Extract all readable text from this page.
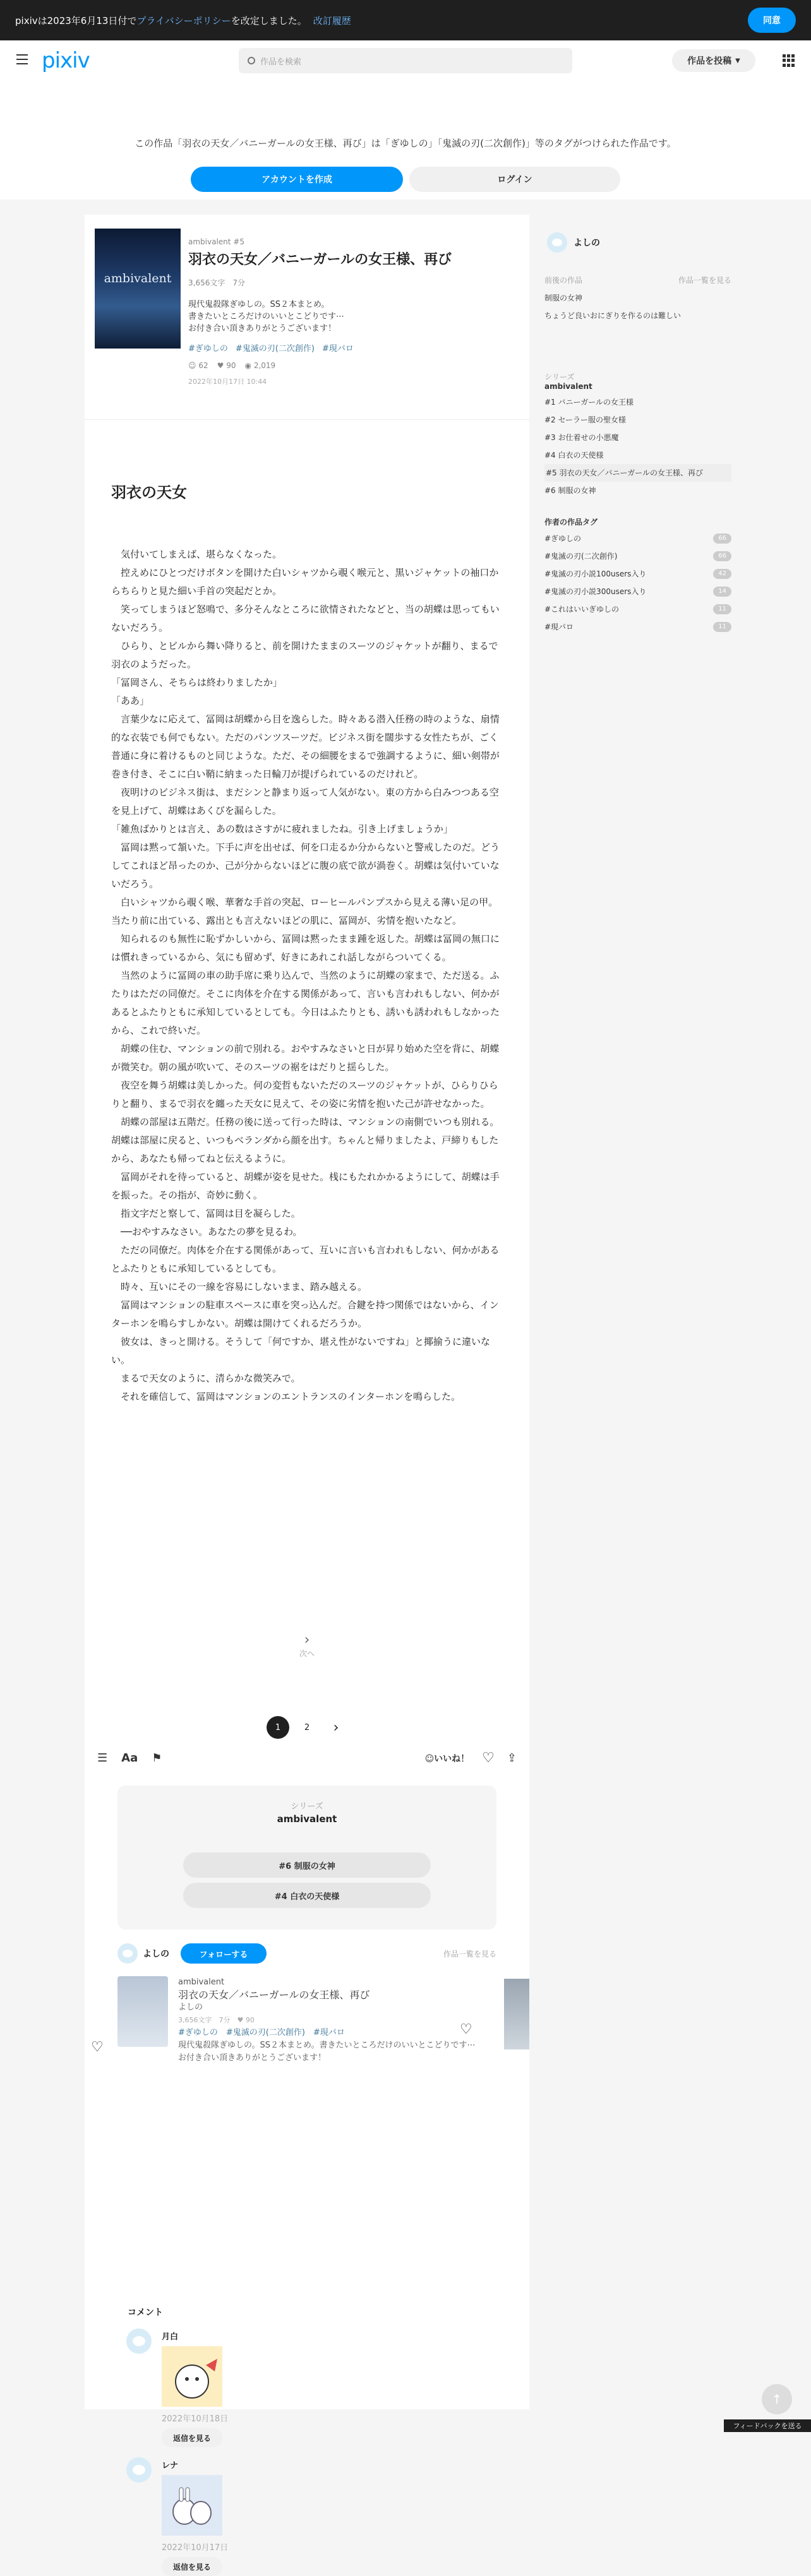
pixivは2023年6月13日付で プライバシーポリシー を改定しました。 改訂履歴	同意
pixiv	作品を検索	作品を投稿 ▼
この作品「羽衣の天女／バニーガールの女王様、再び」は「ぎゆしの」「鬼滅の刃(二次創作)」等のタグがつけられた作品です。
アカウントを作成	ログイン
ambivalent
ambivalent #5
羽衣の天女／バニーガールの女王様、再び
3,656文字　7分
現代鬼殺隊ぎゆしの。SS２本まとめ。
書きたいところだけのいいとこどりです⋯
お付き合い頂きありがとうございます！
#ぎゆしの #鬼滅の刃(二次創作) #現パロ
☺ 62 ♥ 90 ◉ 2,019
2022年10月17日 10:44
羽衣の天女

　気付いてしまえば、堪らなくなった。

　控えめにひとつだけボタンを開けた白いシャツから覗く喉元と、黒いジャケットの袖口からちらりと見た細い手首の突起だとか。

　笑ってしまうほど怒鳴で、多分そんなところに欲情されたなどと、当の胡蝶は思ってもいないだろう。

　ひらり、とビルから舞い降りると、前を開けたままのスーツのジャケットが翻り、まるで羽衣のようだった。

「冨岡さん、そちらは終わりましたか」

「ああ」

　言葉少なに応えて、冨岡は胡蝶から目を逸らした。時々ある潜入任務の時のような、扇情的な衣装でも何でもない。ただのパンツスーツだ。ビジネス街を闊歩する女性たちが、ごく普通に身に着けるものと同じような。ただ、その細腰をまるで強調するように、細い剣帯が巻き付き、そこに白い鞘に納まった日輪刀が提げられているのだけれど。

　夜明けのビジネス街は、まだシンと静まり返って人気がない。東の方から白みつつある空を見上げて、胡蝶はあくびを漏らした。

「雑魚ばかりとは言え、あの数はさすがに疲れましたね。引き上げましょうか」

　冨岡は黙って頷いた。下手に声を出せば、何を口走るか分からないと警戒したのだ。どうしてこれほど昂ったのか、己が分からないほどに腹の底で欲が渦巻く。胡蝶は気付いていないだろう。

　白いシャツから覗く喉、華奢な手首の突起、ローヒールパンプスから見える薄い足の甲。当たり前に出ている、露出とも言えないほどの肌に、冨岡が、劣情を抱いたなど。

　知られるのも無性に恥ずかしいから、冨岡は黙ったまま踵を返した。胡蝶は冨岡の無口には慣れきっているから、気にも留めず、好きにあれこれ話しながらついてくる。

　当然のように冨岡の車の助手席に乗り込んで、当然のように胡蝶の家まで、ただ送る。ふたりはただの同僚だ。そこに肉体を介在する関係があって、言いも言われもしない、何かがあるとふたりともに承知しているとしても。今日はふたりとも、誘いも誘われもしなかったから、これで終いだ。

　胡蝶の住む、マンションの前で別れる。おやすみなさいと日が昇り始めた空を背に、胡蝶が微笑む。朝の風が吹いて、そのスーツの裾をはだりと揺らした。

　夜空を舞う胡蝶は美しかった。何の変哲もないただのスーツのジャケットが、ひらりひらりと翻り、まるで羽衣を纏った天女に見えて、その姿に劣情を抱いた己が許せなかった。

　胡蝶の部屋は五階だ。任務の後に送って行った時は、マンションの南側でいつも別れる。胡蝶は部屋に戻ると、いつもベランダから顔を出す。ちゃんと帰りましたよ、戸締りもしたから、あなたも帰ってねと伝えるように。

　冨岡がそれを待っていると、胡蝶が姿を見せた。桟にもたれかかるようにして、胡蝶は手を振った。その指が、奇妙に動く。

　指文字だと察して、冨岡は目を凝らした。

　──おやすみなさい。あなたの夢を見るわ。

　ただの同僚だ。肉体を介在する関係があって、互いに言いも言われもしない、何かがあるとふたりともに承知しているとしても。

　時々、互いにその一線を容易にしないまま、踏み越える。

　冨岡はマンションの駐車スペースに車を突っ込んだ。合鍵を持つ関係ではないから、インターホンを鳴らすしかない。胡蝶は開けてくれるだろうか。

　彼女は、きっと開ける。そうして「何ですか、堪え性がないですね」と揶揄うに違いない。

　まるで天女のように、清らかな微笑みで。

　それを確信して、冨岡はマンションのエントランスのインターホンを鳴らした。

›
次へ
1	2	›
☰ Aa ⚑	☺いいね！ ♡ ⇪
シリーズ
ambivalent
#6 制服の女神
#4 白衣の天使様
よしの	フォローする	作品一覧を見る
ambivalent
羽衣の天女／バニーガールの女王様、再び
よしの
3,656文字　7分　♥ 90
#ぎゆしの　#鬼滅の刃(二次創作)　#現パロ
現代鬼殺隊ぎゆしの。SS２本まとめ。書きたいところだけのいいとこどりです⋯お付き合い頂きありがとうございます！
♡
♡
コメント
月白
2022年10月18日
返信を見る
レナ
2022年10月17日
返信を見る
よしの
前後の作品	作品一覧を見る
制服の女神
ちょうど良いおにぎりを作るのは難しい
シリーズ
ambivalent
#1 バニーガールの女王様
#2 セーラー服の聖女様
#3 お仕着せの小悪魔
#4 白衣の天使様
#5 羽衣の天女／バニーガールの女王様、再び
#6 制服の女神
作者の作品タグ
#ぎゆしの	66
#鬼滅の刃(二次創作)	66
#鬼滅の刃小説100users入り	42
#鬼滅の刃小説300users入り	14
#これはいいぎゆしの	11
#現パロ	11
↑
フィードバックを送る
